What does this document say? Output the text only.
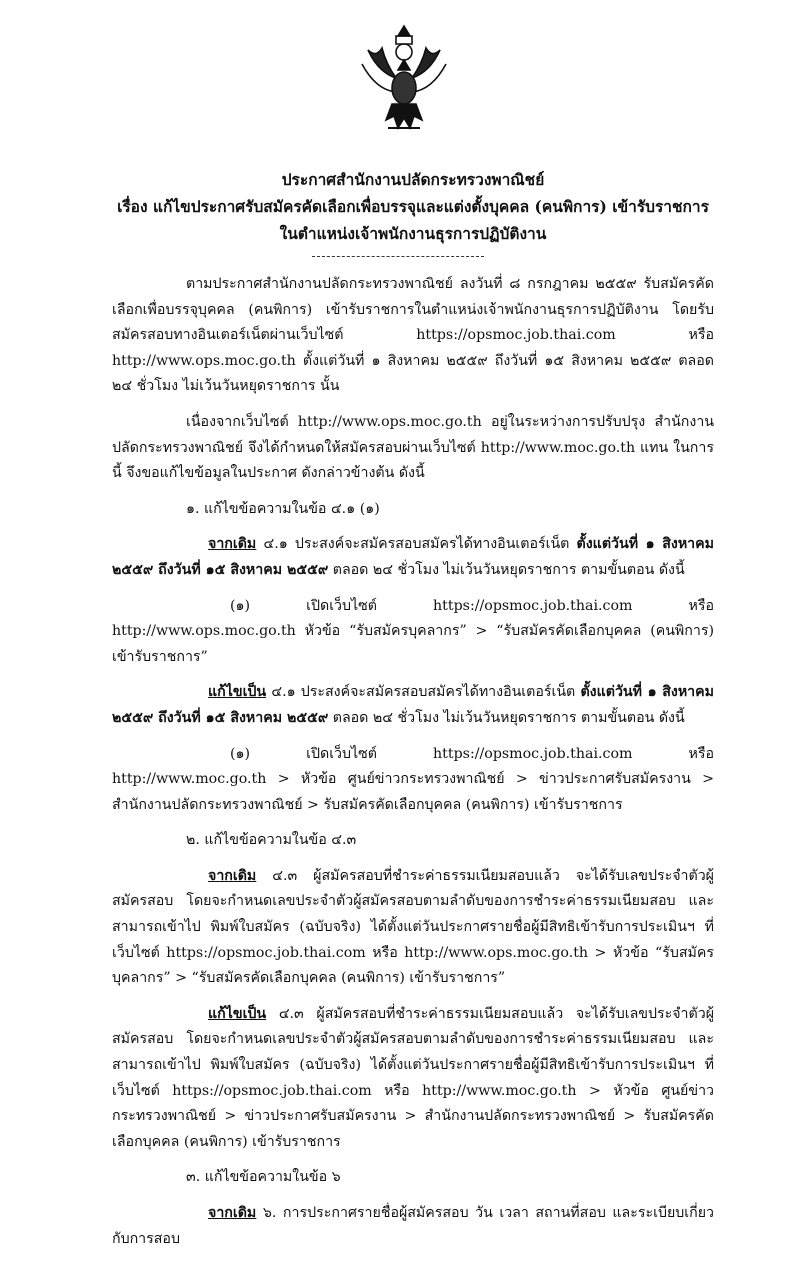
ประกาศสำนักงานปลัดกระทรวงพาณิชย์
เรื่อง แก้ไขประกาศรับสมัครคัดเลือกเพื่อบรรจุและแต่งตั้งบุคคล (คนพิการ) เข้ารับราชการ
ในตำแหน่งเจ้าพนักงานธุรการปฏิบัติงาน

ตามประกาศสำนักงานปลัดกระทรวงพาณิชย์ ลงวันที่ ๘ กรกฎาคม ๒๕๕๙ รับสมัครคัดเลือกเพื่อบรรจุบุคคล (คนพิการ) เข้ารับราชการในตำแหน่งเจ้าพนักงานธุรการปฏิบัติงาน โดยรับสมัครสอบทางอินเตอร์เน็ตผ่านเว็บไซต์ https://opsmoc.job.thai.com หรือ http://www.ops.moc.go.th ตั้งแต่วันที่ ๑ สิงหาคม ๒๕๕๙ ถึงวันที่ ๑๕ สิงหาคม ๒๕๕๙ ตลอด ๒๔ ชั่วโมง ไม่เว้นวันหยุดราชการ นั้น

เนื่องจากเว็บไซต์ http://www.ops.moc.go.th อยู่ในระหว่างการปรับปรุง สำนักงานปลัดกระทรวงพาณิชย์ จึงได้กำหนดให้สมัครสอบผ่านเว็บไซต์ http://www.moc.go.th แทน ในการนี้ จึงขอแก้ไขข้อมูลในประกาศ ดังกล่าวข้างต้น ดังนี้

๑. แก้ไขข้อความในข้อ ๔.๑ (๑)

จากเดิม ๔.๑ ประสงค์จะสมัครสอบสมัครได้ทางอินเตอร์เน็ต ตั้งแต่วันที่ ๑ สิงหาคม ๒๕๕๙ ถึงวันที่ ๑๕ สิงหาคม ๒๕๕๙ ตลอด ๒๔ ชั่วโมง ไม่เว้นวันหยุดราชการ ตามขั้นตอน ดังนี้

(๑) เปิดเว็บไซต์ https://opsmoc.job.thai.com หรือ http://www.ops.moc.go.th หัวข้อ “รับสมัครบุคลากร” > “รับสมัครคัดเลือกบุคคล (คนพิการ) เข้ารับราชการ”

แก้ไขเป็น ๔.๑ ประสงค์จะสมัครสอบสมัครได้ทางอินเตอร์เน็ต ตั้งแต่วันที่ ๑ สิงหาคม ๒๕๕๙ ถึงวันที่ ๑๕ สิงหาคม ๒๕๕๙ ตลอด ๒๔ ชั่วโมง ไม่เว้นวันหยุดราชการ ตามขั้นตอน ดังนี้

(๑) เปิดเว็บไซต์ https://opsmoc.job.thai.com หรือ http://www.moc.go.th > หัวข้อ ศูนย์ข่าวกระทรวงพาณิชย์ > ข่าวประกาศรับสมัครงาน > สำนักงานปลัดกระทรวงพาณิชย์ > รับสมัครคัดเลือกบุคคล (คนพิการ) เข้ารับราชการ

๒. แก้ไขข้อความในข้อ ๔.๓

จากเดิม ๔.๓ ผู้สมัครสอบที่ชำระค่าธรรมเนียมสอบแล้ว จะได้รับเลขประจำตัวผู้สมัครสอบ โดยจะกำหนดเลขประจำตัวผู้สมัครสอบตามลำดับของการชำระค่าธรรมเนียมสอบ และสามารถเข้าไป พิมพ์ใบสมัคร (ฉบับจริง) ได้ตั้งแต่วันประกาศรายชื่อผู้มีสิทธิเข้ารับการประเมินฯ ที่เว็บไซต์ https://opsmoc.job.thai.com หรือ http://www.ops.moc.go.th > หัวข้อ “รับสมัครบุคลากร” > “รับสมัครคัดเลือกบุคคล (คนพิการ) เข้ารับราชการ”

แก้ไขเป็น ๔.๓ ผู้สมัครสอบที่ชำระค่าธรรมเนียมสอบแล้ว จะได้รับเลขประจำตัวผู้สมัครสอบ โดยจะกำหนดเลขประจำตัวผู้สมัครสอบตามลำดับของการชำระค่าธรรมเนียมสอบ และสามารถเข้าไป พิมพ์ใบสมัคร (ฉบับจริง) ได้ตั้งแต่วันประกาศรายชื่อผู้มีสิทธิเข้ารับการประเมินฯ ที่เว็บไซต์ https://opsmoc.job.thai.com หรือ http://www.moc.go.th > หัวข้อ ศูนย์ข่าวกระทรวงพาณิชย์ > ข่าวประกาศรับสมัครงาน > สำนักงานปลัดกระทรวงพาณิชย์ > รับสมัครคัดเลือกบุคคล (คนพิการ) เข้ารับราชการ

๓. แก้ไขข้อความในข้อ ๖

จากเดิม ๖. การประกาศรายชื่อผู้สมัครสอบ วัน เวลา สถานที่สอบ และระเบียบเกี่ยวกับการสอบ
